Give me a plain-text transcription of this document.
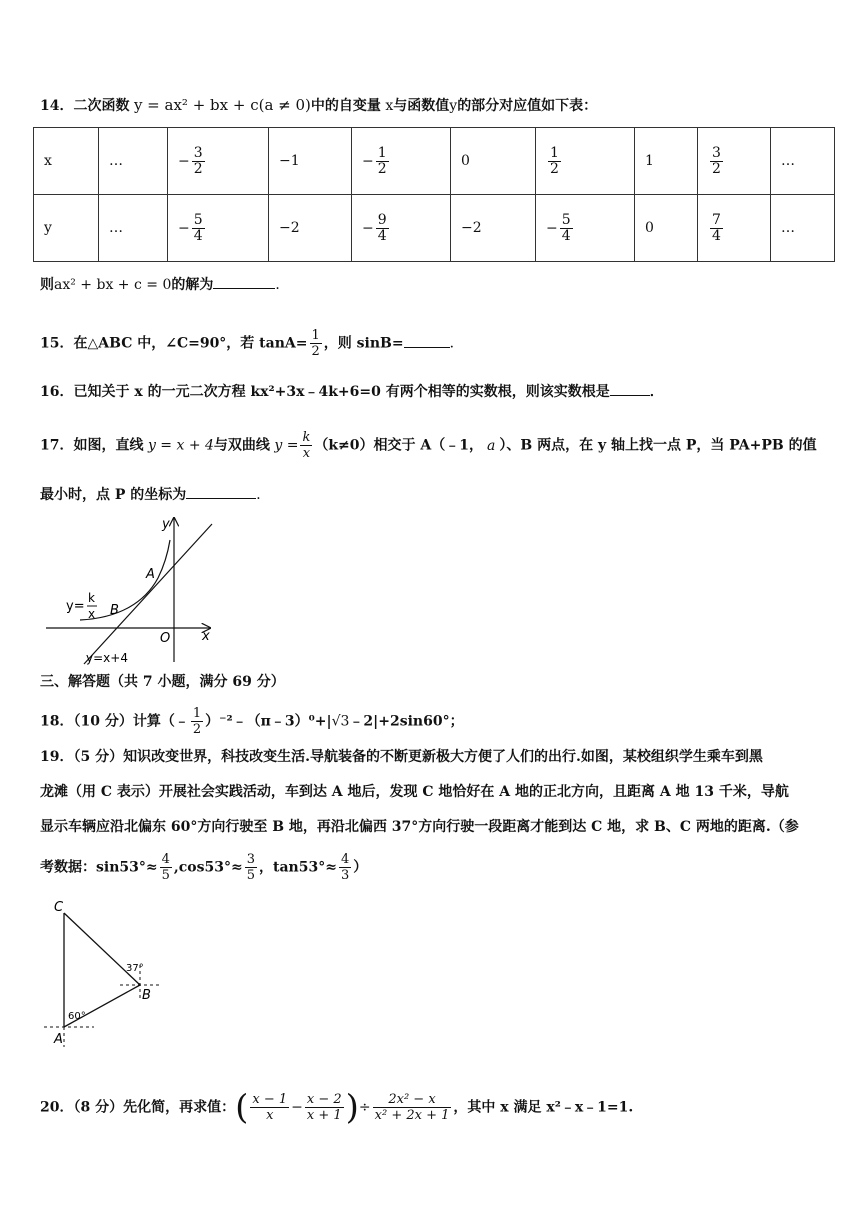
14．二次函数 y = ax² + bx + c(a ≠ 0)中的自变量 x与函数值y的部分对应值如下表：
x	…	− $\frac{3}{2}$	−1	− $\frac{1}{2}$	0	$\frac{1}{2}$	1	$\frac{3}{2}$	…
y	…	− $\frac{5}{4}$	−2	− $\frac{9}{4}$	−2	− $\frac{5}{4}$	0	$\frac{7}{4}$	…
则ax² + bx + c = 0的解为	．
15．在△ABC 中，∠C=90°，若 $\tan A= \frac{1}{2}$ ，则 sinB=	．
16．已知关于 x 的一元二次方程 kx²+3x﹣4k+6=0 有两个相等的实数根，则该实数根是	．
17．如图，直线 y = x + 4与双曲线 $y = \frac{k}{x} (k\ne 0)$相交于 A（﹣1， a ）、B 两点，在 y 轴上找一点 P，当 PA+PB 的值
最小时，点 P 的坐标为	．
y
x
O
A
B
y=
k
x
y=x+4
三、解答题（共 7 小题，满分 69 分）
18．（10 分）计算（﹣ $\frac{1}{2}$ ）⁻²﹣（π﹣3）⁰+|√3﹣2|+2sin60°；
19．（5 分）知识改变世界，科技改变生活.导航装备的不断更新极大方便了人们的出行.如图，某校组织学生乘车到黑
龙滩（用 C 表示）开展社会实践活动，车到达 A 地后，发现 C 地恰好在 A 地的正北方向，且距离 A 地 13 千米，导航
显示车辆应沿北偏东 60°方向行驶至 B 地，再沿北偏西 37°方向行驶一段距离才能到达 C 地，求 B、C 两地的距离.（参
考数据：$\sin 53^\circ\approx \frac{4}{5} ,\cos 53^\circ\approx \frac{3}{5}$ ，$\tan 53^\circ\approx \frac{4}{3}$ ）
C
B
A
37°
60°
20．（8 分）先化简，再求值：( $\frac{x - 1}{x} - \frac{x - 2}{x + 1}$ )÷ $\frac{\text{2x² − x}}{\text{x² + 2x + 1}}$ ，其中 x 满足 x²﹣x﹣1=1.
